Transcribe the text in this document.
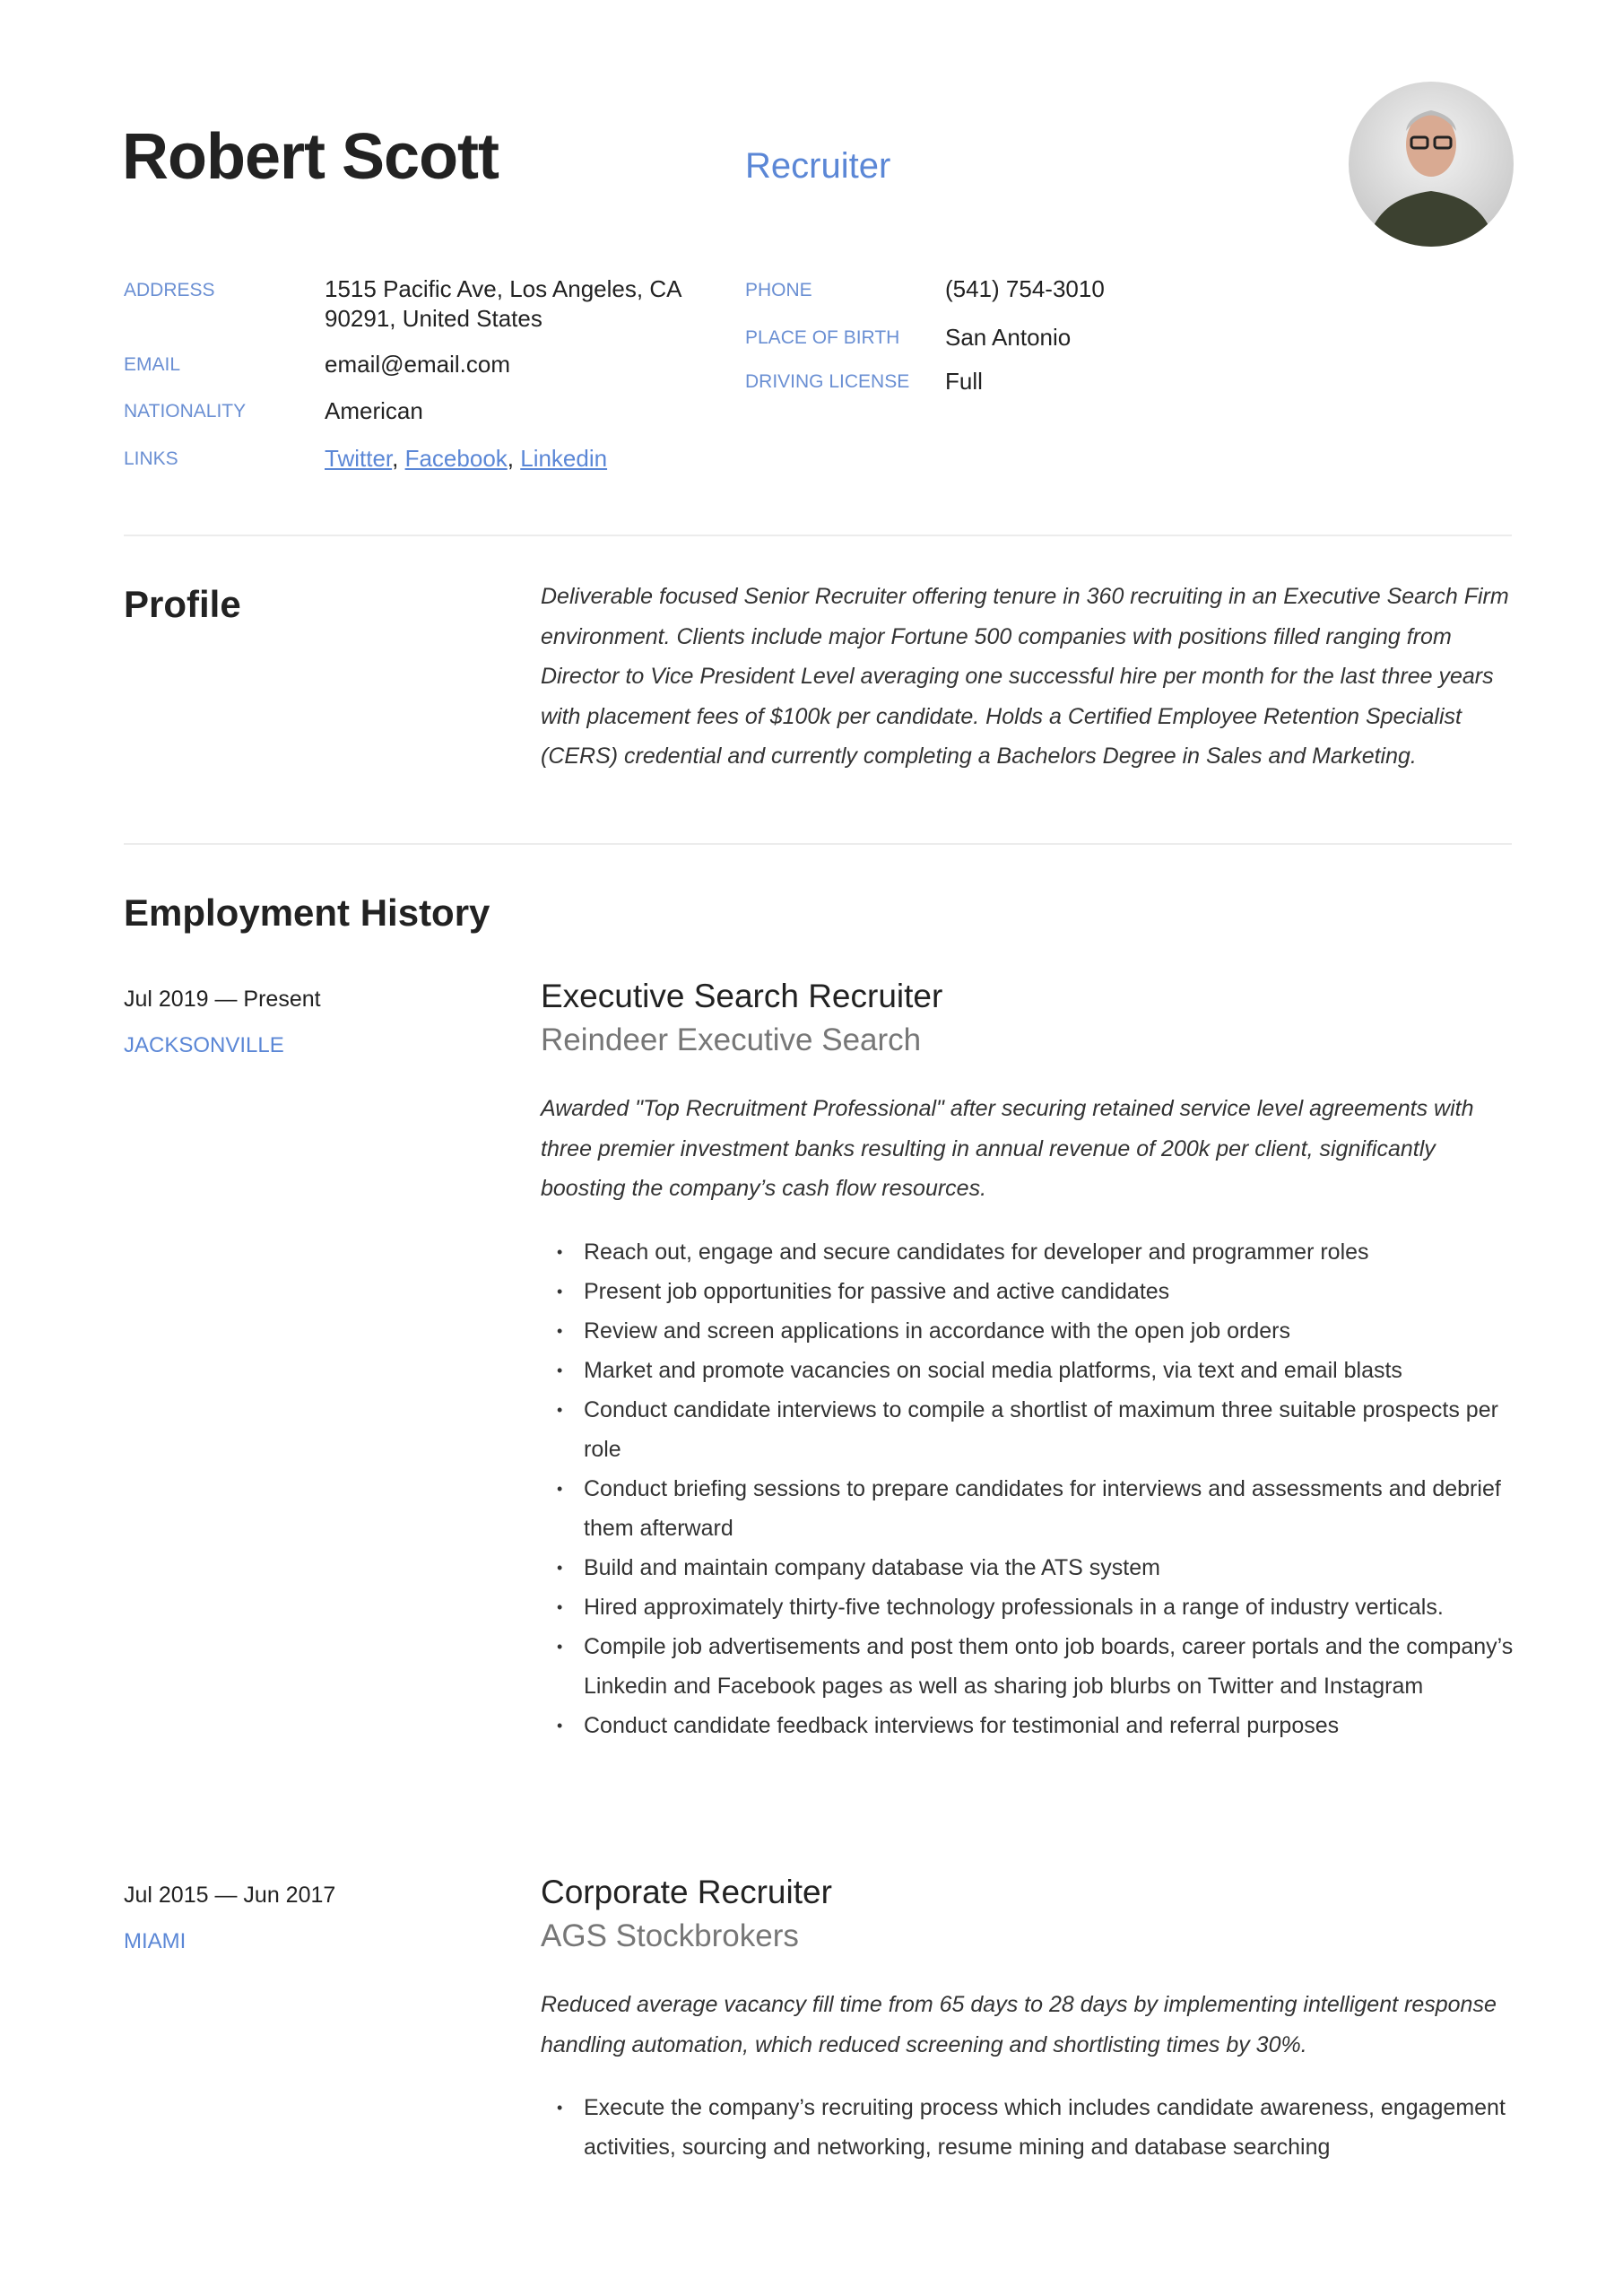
Robert Scott	Recruiter
ADDRESS	1515 Pacific Ave, Los Angeles, CA 90291, United States
EMAIL	email@email.com
NATIONALITY	American
LINKS	Twitter, Facebook, Linkedin
PHONE	(541) 754-3010
PLACE OF BIRTH San Antonio
DRIVING LICENSE Full
Profile	Deliverable focused Senior Recruiter offering tenure in 360 recruiting in an Executive Search Firm environment. Clients include major Fortune 500 companies with positions filled ranging from Director to Vice President Level averaging one successful hire per month for the last three years with placement fees of $100k per candidate. Holds a Certified Employee Retention Specialist (CERS) credential and currently completing a Bachelors Degree in Sales and Marketing.
Employment History
Jul 2019 — Present
JACKSONVILLE
Executive Search Recruiter
Reindeer Executive Search
Awarded "Top Recruitment Professional" after securing retained service level agreements with three premier investment banks resulting in annual revenue of 200k per client, significantly boosting the company’s cash flow resources.
• Reach out, engage and secure candidates for developer and programmer roles
• Present job opportunities for passive and active candidates
• Review and screen applications in accordance with the open job orders
• Market and promote vacancies on social media platforms, via text and email blasts
• Conduct candidate interviews to compile a shortlist of maximum three suitable prospects per role
• Conduct briefing sessions to prepare candidates for interviews and assessments and debrief them afterward
• Build and maintain company database via the ATS system
• Hired approximately thirty-five technology professionals in a range of industry verticals.
• Compile job advertisements and post them onto job boards, career portals and the company’s Linkedin and Facebook pages as well as sharing job blurbs on Twitter and Instagram
• Conduct candidate feedback interviews for testimonial and referral purposes
Jul 2015 — Jun 2017
MIAMI
Corporate Recruiter
AGS Stockbrokers
Reduced average vacancy fill time from 65 days to 28 days by implementing intelligent response handling automation, which reduced screening and shortlisting times by 30%.
• Execute the company’s recruiting process which includes candidate awareness, engagement activities, sourcing and networking, resume mining and database searching
